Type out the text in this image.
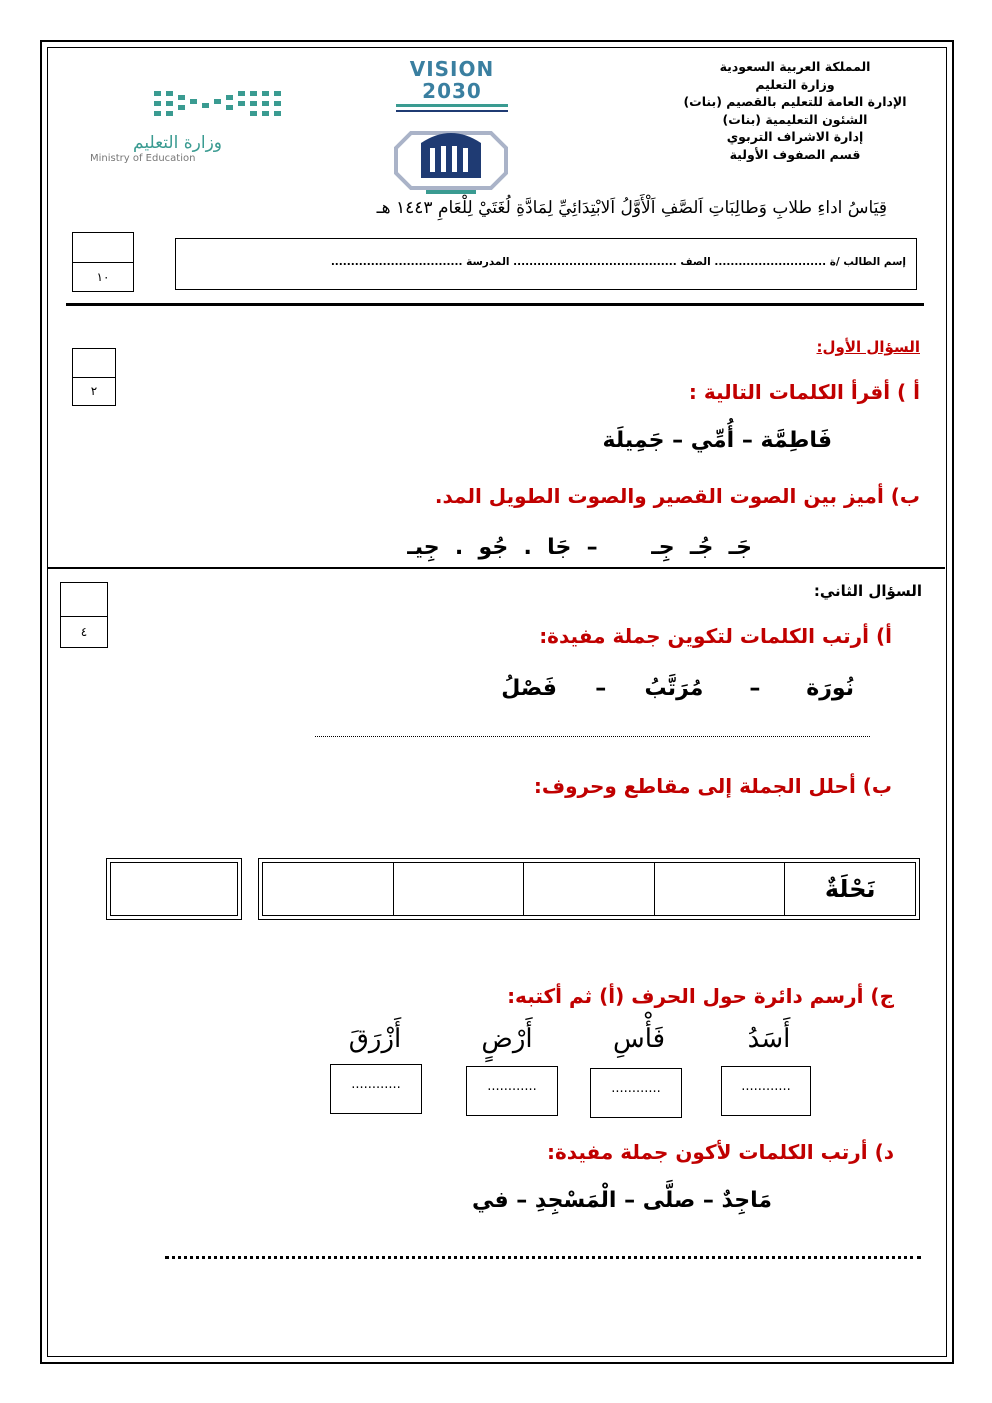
وزارة التعليم
Ministry of Education
VISION 2030
المملكة العربية السعودية
وزارة التعليم
الإدارة العامة للتعليم بالقصيم (بنات)
الشئون التعليمية (بنات)
إدارة الاشراف التربوي
قسم الصفوف الأولية
قِيَاسُ اداءِ طلابِ وَطالِبَاتِ اَلصَّفِ اَلْأَوَّلُ اَلابْتِدَائِيِّ لِمَادَّةِ لُغَتَيْ لِلْعَامِ ١٤٤٣ هـ
١٠
إسم الطالب /ة ............................ الصف ......................................... المدرسة .................................
السؤال الأول:
٢	أ ) أقرأ الكلمات التالية :
فَاطِمَّة – أُمِّي – جَمِيلَة
ب) أميز بين الصوت القصير والصوت الطويل المد.
جَـ  جُـ  جِـ       –  جَا  .  جُو  .  جِيـ
السؤال الثاني:
٤	أ) أرتب الكلمات لتكوين جملة مفيدة:
نُورَة      –      مُرَتَّبُ     –     فَصْلُ
ب) أحلل الجملة إلى مقاطع وحروف:
نَحْلَةٌ
ج) أرسم دائرة حول الحرف (أ) ثم أكتبه:
أَسَدُ
فَأْسِ
أَرْضٍ
أَزْرَقَ
............
............
............
............
د) أرتب الكلمات لأكون جملة مفيدة:
مَاجِدٌ – صلَّى – الْمَسْجِدِ – في
